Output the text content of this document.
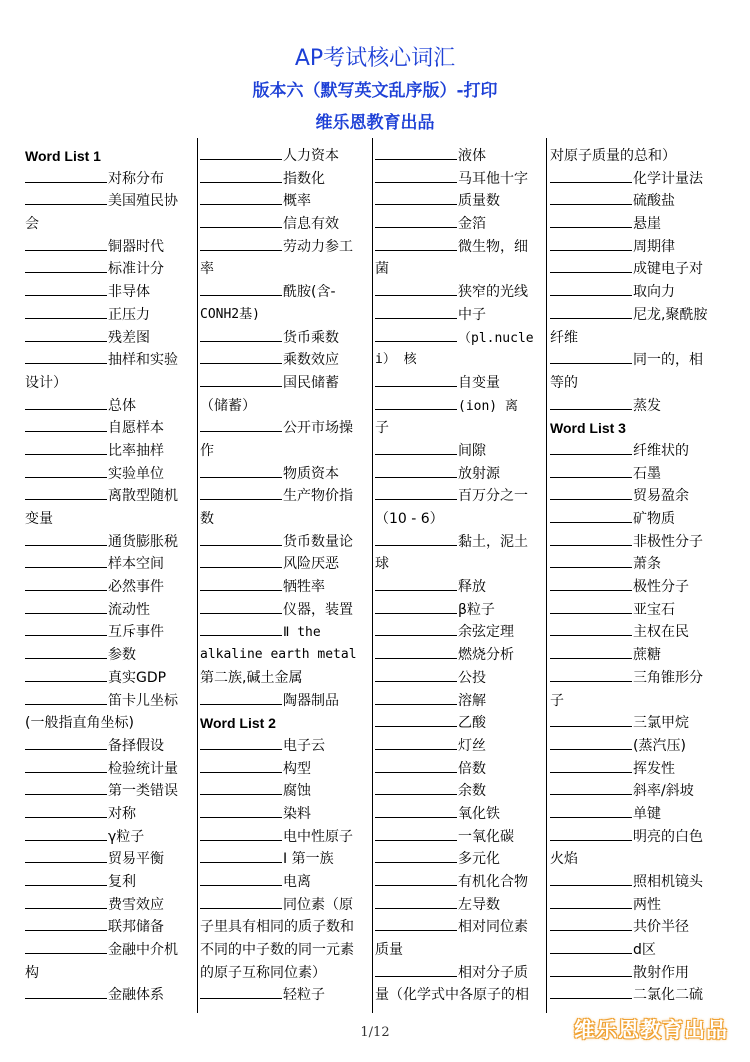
AP考试核心词汇
版本六（默写英文乱序版）-打印
维乐恩教育出品
Word List 1
对称分布
美国殖民协
会
铜器时代
标准计分
非导体
正压力
残差图
抽样和实验
设计）
总体
自愿样本
比率抽样
实验单位
离散型随机
变量
通货膨胀税
样本空间
必然事件
流动性
互斥事件
参数
真实GDP
笛卡儿坐标
(一般指直角坐标)
备择假设
检验统计量
第一类错误
对称
γ粒子
贸易平衡
复利
费雪效应
联邦储备
金融中介机
构
金融体系
人力资本
指数化
概率
信息有效
劳动力参工
率
酰胺(含-
CONH2基)
货币乘数
乘数效应
国民储蓄
（储蓄）
公开市场操
作
物质资本
生产物价指
数
货币数量论
风险厌恶
牺牲率
仪器，装置
Ⅱ the
alkaline earth metal
第二族,碱土金属
陶器制品
Word List 2
电子云
构型
腐蚀
染料
电中性原子
Ⅰ 第一族
电离
同位素（原
子里具有相同的质子数和
不同的中子数的同一元素
的原子互称同位素）
轻粒子
液体
马耳他十字
质量数
金箔
微生物，细
菌
狭窄的光线
中子
（pl.nucle
i） 核
自变量
(ion) 离
子
间隙
放射源
百万分之一
（10 - 6）
黏土，泥土
球
释放
β粒子
余弦定理
燃烧分析
公投
溶解
乙酸
灯丝
倍数
余数
氧化铁
一氧化碳
多元化
有机化合物
左导数
相对同位素
质量
相对分子质
量（化学式中各原子的相
对原子质量的总和）
化学计量法
硫酸盐
悬崖
周期律
成键电子对
取向力
尼龙,聚酰胺
纤维
同一的，相
等的
蒸发
Word List 3
纤维状的
石墨
贸易盈余
矿物质
非极性分子
萧条
极性分子
亚宝石
主权在民
蔗糖
三角锥形分
子
三氯甲烷
(蒸汽压)
挥发性
斜率/斜坡
单键
明亮的白色
火焰
照相机镜头
两性
共价半径
d区
散射作用
二氯化二硫
1/12	维乐恩教育出品
